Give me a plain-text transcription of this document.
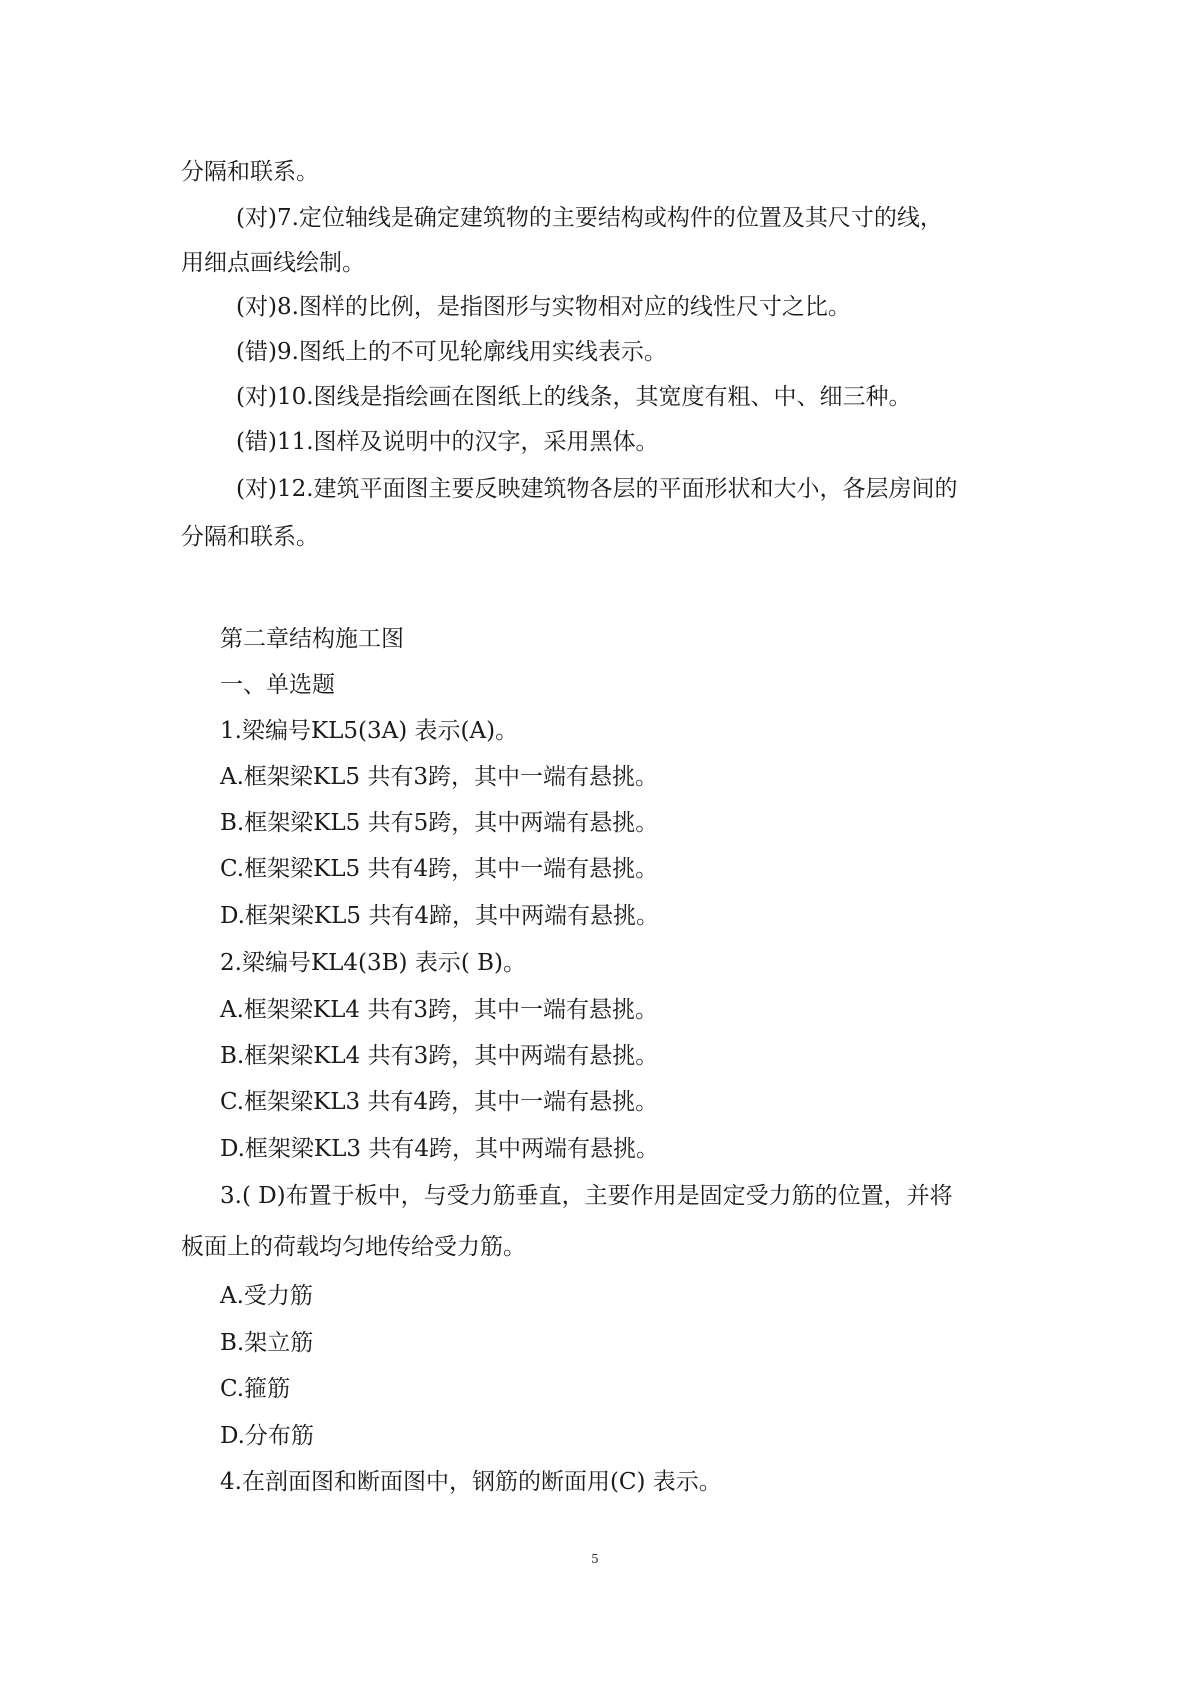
分隔和联系。
(对)7.定位轴线是确定建筑物的主要结构或构件的位置及其尺寸的线，
用细点画线绘制。
(对)8.图样的比例，是指图形与实物相对应的线性尺寸之比。
(错)9.图纸上的不可见轮廓线用实线表示。
(对)10.图线是指绘画在图纸上的线条，其宽度有粗、中、细三种。
(错)11.图样及说明中的汉字，采用黑体。
(对)12.建筑平面图主要反映建筑物各层的平面形状和大小，各层房间的
分隔和联系。
第二章结构施工图
一、单选题
1.梁编号KL5(3A) 表示(A)。
A.框架梁KL5 共有3跨，其中一端有悬挑。
B.框架梁KL5 共有5跨，其中两端有悬挑。
C.框架梁KL5 共有4跨，其中一端有悬挑。
D.框架梁KL5 共有4蹄，其中两端有悬挑。
2.梁编号KL4(3B) 表示( B)。
A.框架梁KL4 共有3跨，其中一端有悬挑。
B.框架梁KL4 共有3跨，其中两端有悬挑。
C.框架梁KL3 共有4跨，其中一端有悬挑。
D.框架梁KL3 共有4跨，其中两端有悬挑。
3.( D)布置于板中，与受力筋垂直，主要作用是固定受力筋的位置，并将
板面上的荷载均匀地传给受力筋。
A.受力筋
B.架立筋
C.箍筋
D.分布筋
4.在剖面图和断面图中，钢筋的断面用(C) 表示。
5
